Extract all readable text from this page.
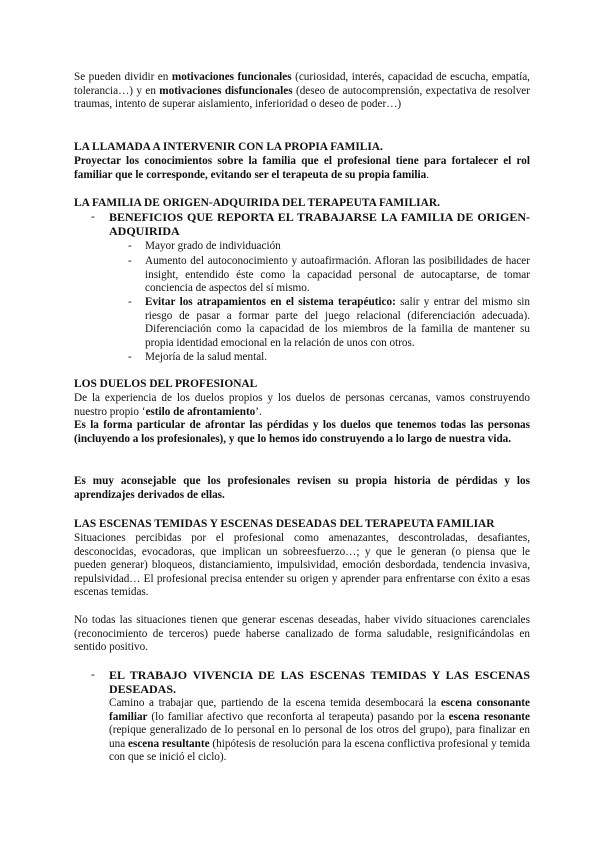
Se pueden dividir en motivaciones funcionales (curiosidad, interés, capacidad de escucha, empatía, tolerancia…) y en motivaciones disfuncionales (deseo de autocomprensión, expectativa de resolver traumas, intento de superar aislamiento, inferioridad o deseo de poder…)

LA LLAMADA A INTERVENIR CON LA PROPIA FAMILIA.

Proyectar los conocimientos sobre la familia que el profesional tiene para fortalecer el rol familiar que le corresponde, evitando ser el terapeuta de su propia familia.

LA FAMILIA DE ORIGEN-ADQUIRIDA DEL TERAPEUTA FAMILIAR.
- BENEFICIOS QUE REPORTA EL TRABAJARSE LA FAMILIA DE ORIGEN-ADQUIRIDA
- Mayor grado de individuación

- Aumento del autoconocimiento y autoafirmación. Afloran las posibilidades de hacer insight, entendido éste como la capacidad personal de autocaptarse, de tomar conciencia de aspectos del sí mismo.

- Evitar los atrapamientos en el sistema terapéutico: salir y entrar del mismo sin riesgo de pasar a formar parte del juego relacional (diferenciación adecuada). Diferenciación como la capacidad de los miembros de la familia de mantener su propia identidad emocional en la relación de unos con otros.

- Mejoría de la salud mental.

LOS DUELOS DEL PROFESIONAL

De la experiencia de los duelos propios y los duelos de personas cercanas, vamos construyendo nuestro propio ‘estilo de afrontamiento’.

Es la forma particular de afrontar las pérdidas y los duelos que tenemos todas las personas (incluyendo a los profesionales), y que lo hemos ido construyendo a lo largo de nuestra vida.

Es muy aconsejable que los profesionales revisen su propia historia de pérdidas y los aprendizajes derivados de ellas.

LAS ESCENAS TEMIDAS Y ESCENAS DESEADAS DEL TERAPEUTA FAMILIAR

Situaciones percibidas por el profesional como amenazantes, descontroladas, desafiantes, desconocidas, evocadoras, que implican un sobreesfuerzo…; y que le generan (o piensa que le pueden generar) bloqueos, distanciamiento, impulsividad, emoción desbordada, tendencia invasiva, repulsividad… El profesional precisa entender su origen y aprender para enfrentarse con éxito a esas escenas temidas.

No todas las situaciones tienen que generar escenas deseadas, haber vivido situaciones carenciales (reconocimiento de terceros) puede haberse canalizado de forma saludable, resignificándolas en sentido positivo.

- EL TRABAJO VIVENCIA DE LAS ESCENAS TEMIDAS Y LAS ESCENAS DESEADAS.

Camino a trabajar que, partiendo de la escena temida desembocará la escena consonante familiar (lo familiar afectivo que reconforta al terapeuta) pasando por la escena resonante (repique generalizado de lo personal en lo personal de los otros del grupo), para finalizar en una escena resultante (hipótesis de resolución para la escena conflictiva profesional y temida con que se inició el ciclo).
